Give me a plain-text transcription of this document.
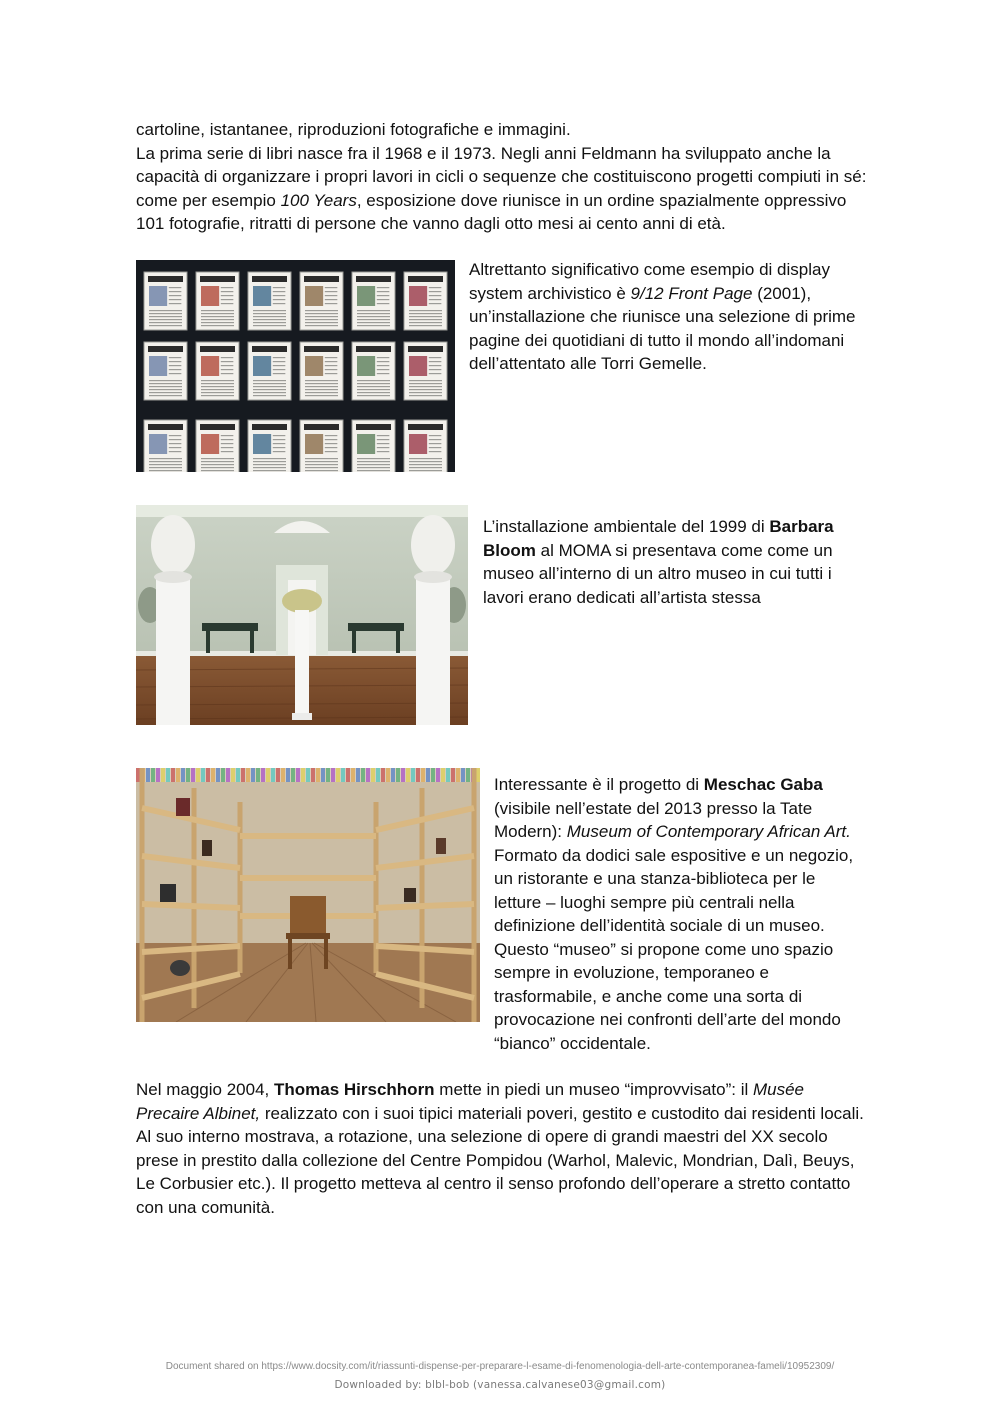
cartoline, istantanee, riproduzioni fotografiche e immagini.

La prima serie di libri nasce fra il 1968 e il 1973. Negli anni Feldmann ha sviluppato anche la capacità di organizzare i propri lavori in cicli o sequenze che costituiscono progetti compiuti in sé: come per esempio 100 Years, esposizione dove riunisce in un ordine spazialmente oppressivo 101 fotografie, ritratti di persone che vanno dagli otto mesi ai cento anni di età.

Altrettanto significativo come esempio di display system archivistico è 9/12 Front Page (2001), un’installazione che riunisce una selezione di prime pagine dei quotidiani di tutto il mondo all’indomani dell’attentato alle Torri Gemelle.

L’installazione ambientale del 1999 di Barbara Bloom al MOMA si presentava come come un museo all’interno di un altro museo in cui tutti i lavori erano dedicati all’artista stessa

Interessante è il progetto di Meschac Gaba (visibile nell’estate del 2013 presso la Tate Modern): Museum of Contemporary African Art. Formato da dodici sale espositive e un negozio, un ristorante e una stanza-biblioteca per le letture – luoghi sempre più centrali nella definizione dell’identità sociale di un museo. Questo “museo” si propone come uno spazio sempre in evoluzione, temporaneo e trasformabile, e anche come una sorta di provocazione nei confronti dell’arte del mondo “bianco” occidentale.

Nel maggio 2004, Thomas Hirschhorn mette in piedi un museo “improvvisato”: il Musée Precaire Albinet, realizzato con i suoi tipici materiali poveri, gestito e custodito dai residenti locali. Al suo interno mostrava, a rotazione, una selezione di opere di grandi maestri del XX secolo prese in prestito dalla collezione del Centre Pompidou (Warhol, Malevic, Mondrian, Dalì, Beuys, Le Corbusier etc.). Il progetto metteva al centro il senso profondo dell’operare a stretto contatto con una comunità.

Document shared on https://www.docsity.com/it/riassunti-dispense-per-preparare-l-esame-di-fenomenologia-dell-arte-contemporanea-fameli/10952309/
Downloaded by: blbl-bob (vanessa.calvanese03@gmail.com)
